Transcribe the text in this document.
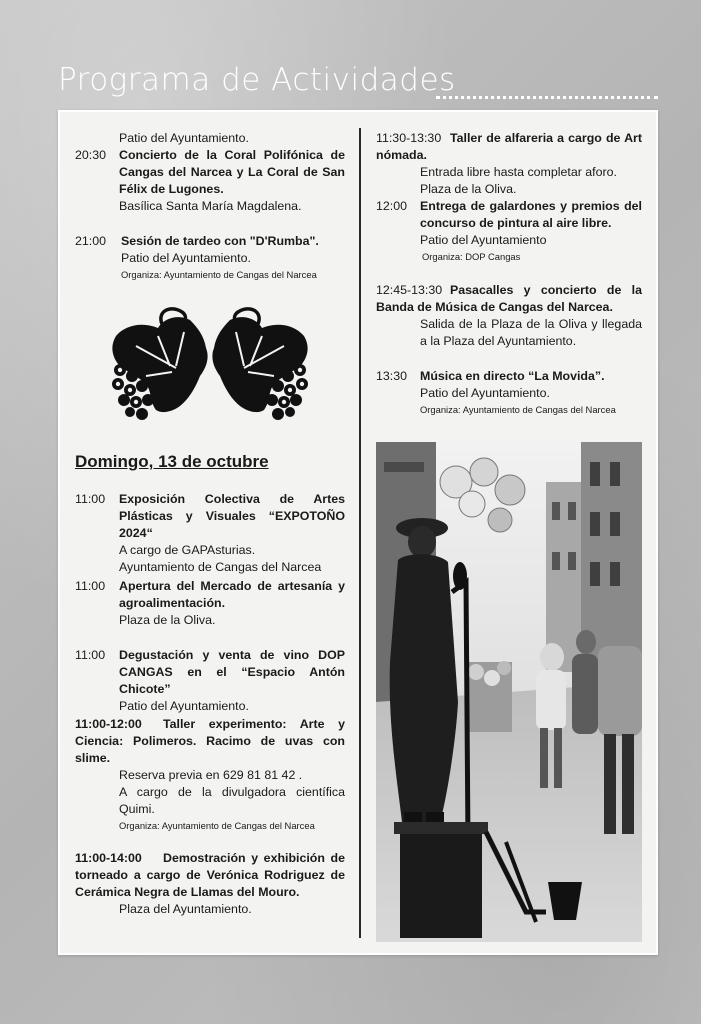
Programa de Actividades
Patio del Ayuntamiento.
20:30 Concierto de la Coral Polifónica de Cangas del Narcea y La Coral de San Félix de Lugones.
Basílica Santa María Magdalena.
21:00 Sesión de tardeo con "D'Rumba".
Patio del Ayuntamiento.
Organiza: Ayuntamiento de Cangas del Narcea
Domingo, 13 de octubre
11:00 Exposición Colectiva de Artes Plásticas y Visuales “EXPOTOÑO 2024“
A cargo de GAPAsturias.
Ayuntamiento de Cangas del Narcea
11:00 Apertura del Mercado de artesanía y agroalimentación.
Plaza de la Oliva.
11:00 Degustación y venta de vino DOP CANGAS en el “Espacio Antón Chicote”
Patio del Ayuntamiento.
11:00-12:00	Taller experimento: Arte y Ciencia: Polimeros. Racimo de uvas con slime.
Reserva previa en 629 81 81 42 .
A cargo de la divulgadora científica Quimi.
Organiza: Ayuntamiento de Cangas del Narcea
11:00-14:00	Demostración y exhibición de torneado a cargo de Verónica Rodriguez de Cerámica Negra de Llamas del Mouro.
Plaza del Ayuntamiento.
Taller de alfareria a cargo de Art nómada.
Entrada libre hasta completar aforo.
Plaza de la Oliva.
11:30-13:30
12:00 Entrega de galardones y premios del concurso de pintura al aire libre.
Patio del Ayuntamiento
Organiza: DOP Cangas
Pasacalles y concierto de la Banda de Música de Cangas del Narcea.
Salida de la Plaza de la Oliva y llegada a la Plaza del Ayuntamiento.
12:45-13:30
13:30 Música en directo “La Movida”.
Patio del Ayuntamiento.
Organiza: Ayuntamiento de Cangas del Narcea
